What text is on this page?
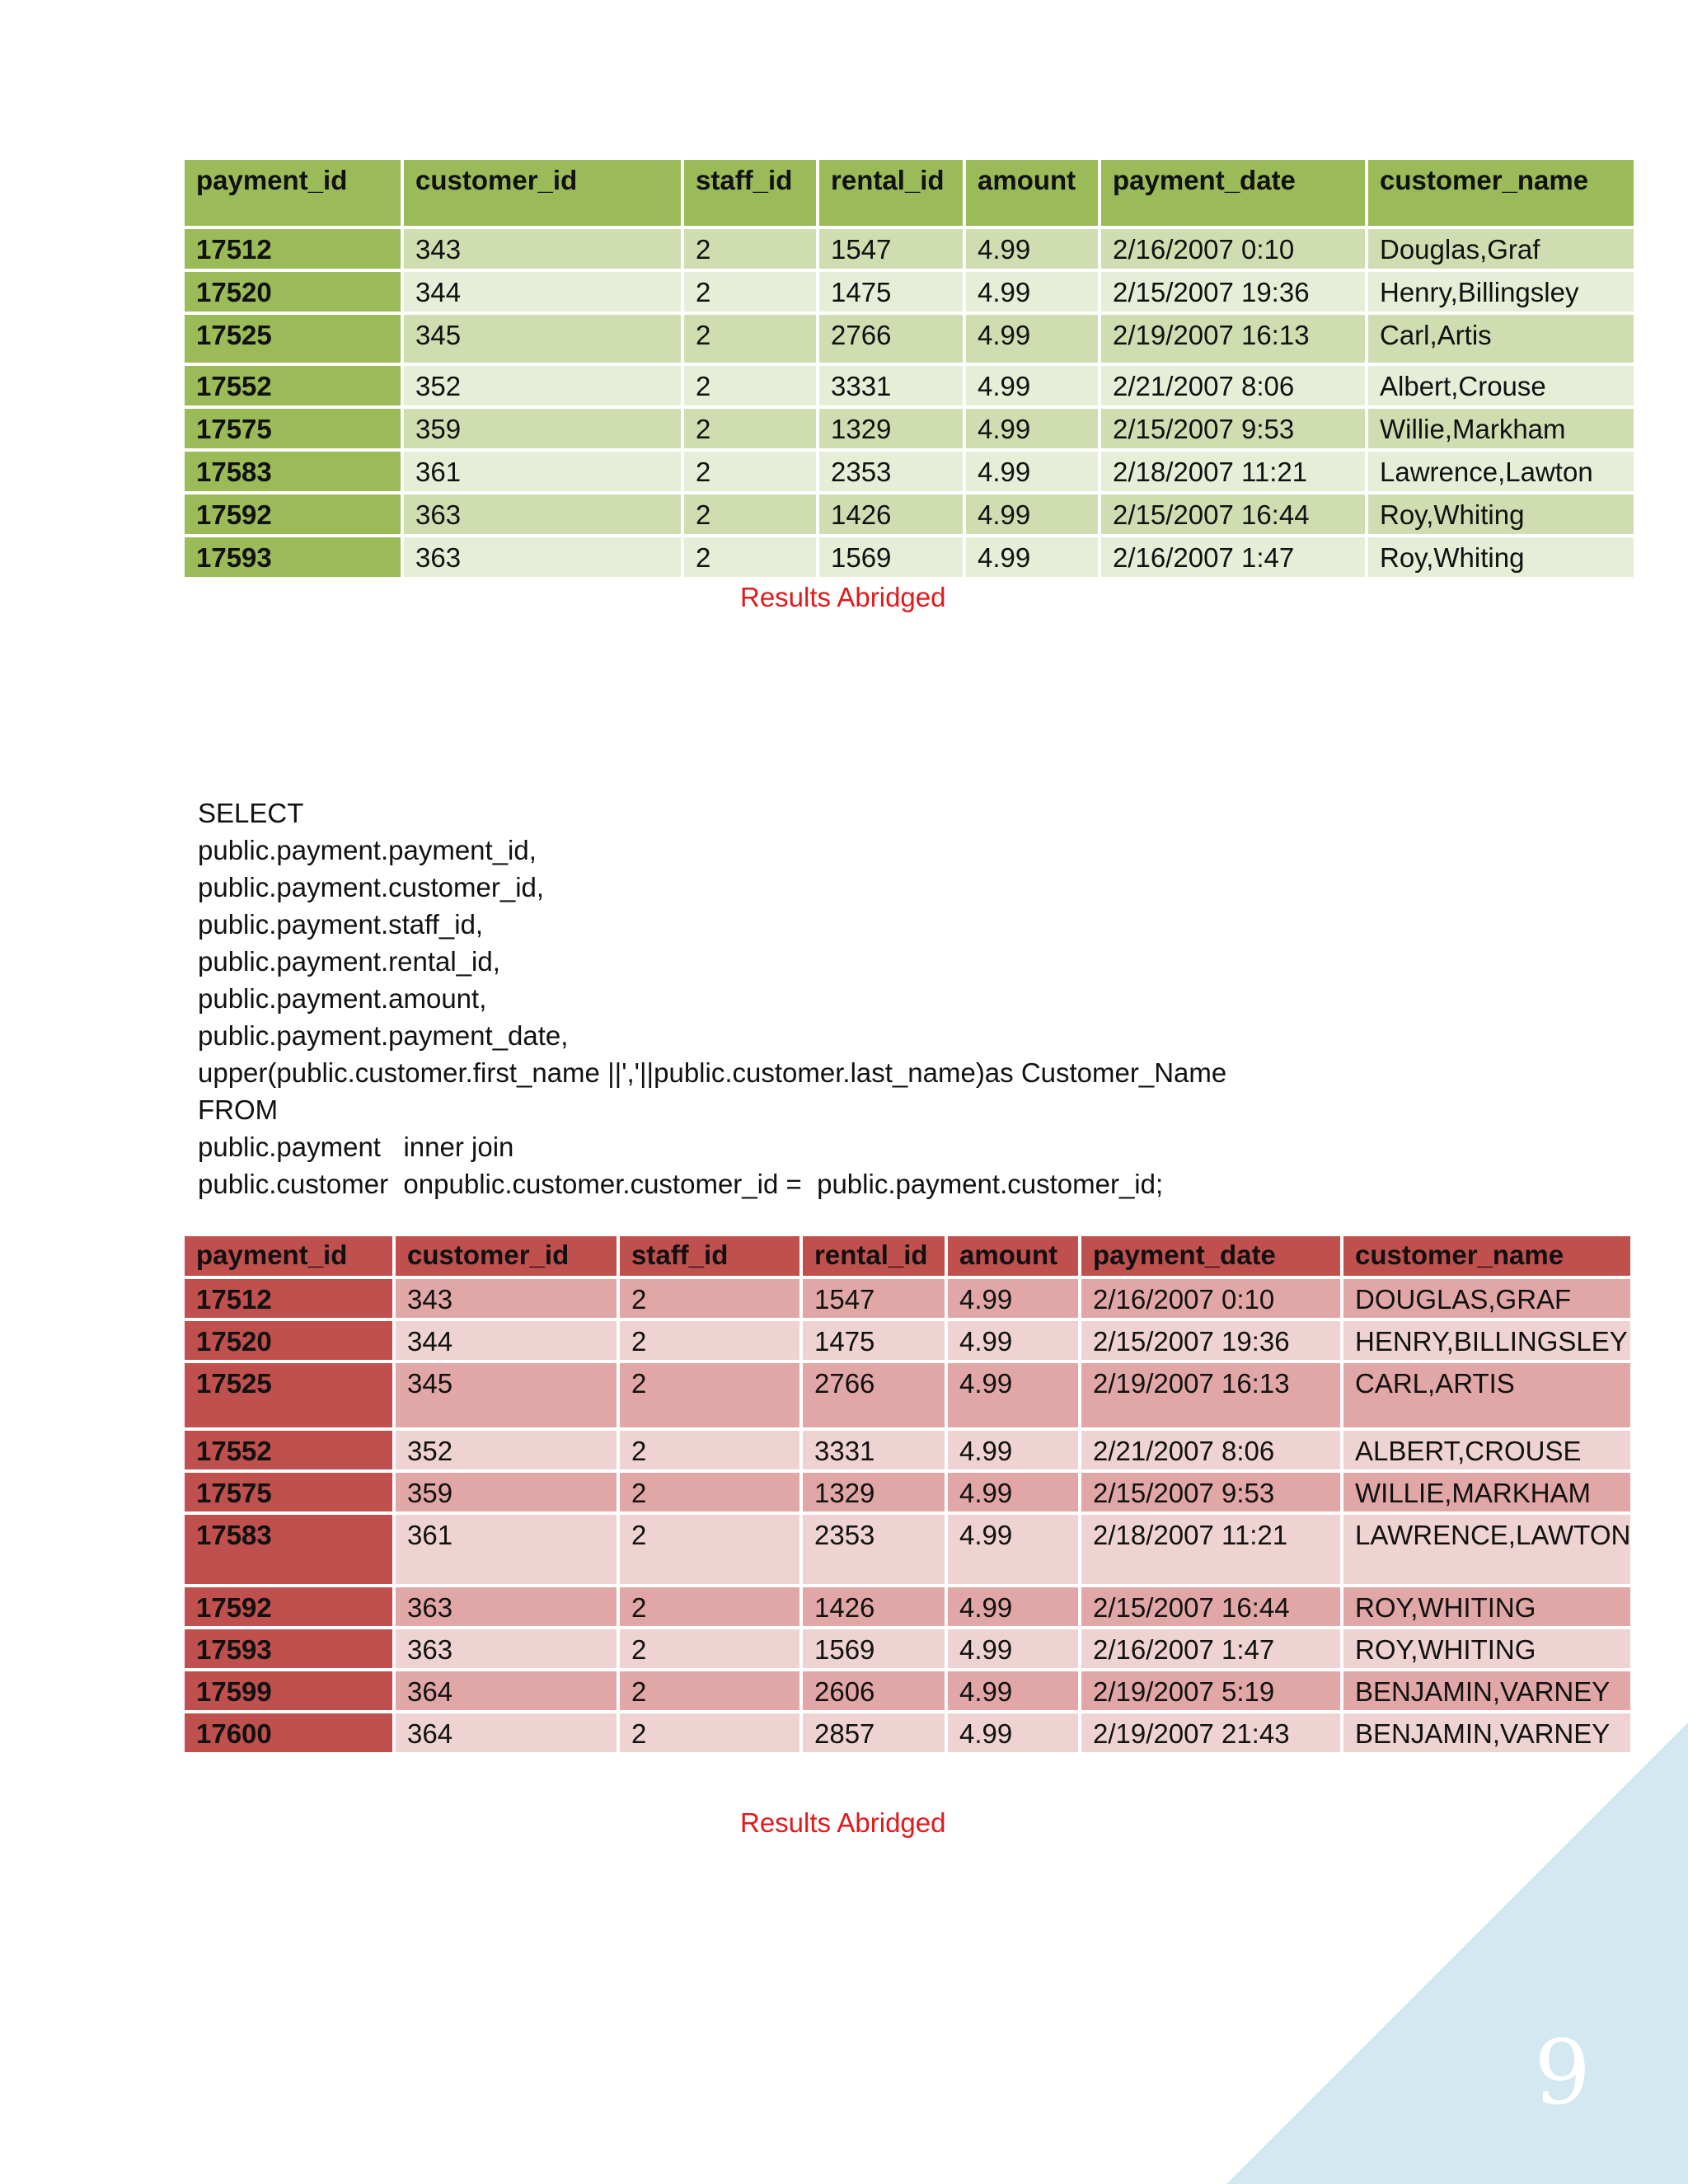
payment_id	customer_id	staff_id	rental_id	amount	payment_date	customer_name
17512	343	2	1547	4.99	2/16/2007 0:10	Douglas,Graf
17520	344	2	1475	4.99	2/15/2007 19:36	Henry,Billingsley
17525	345	2	2766	4.99	2/19/2007 16:13	Carl,Artis
17552	352	2	3331	4.99	2/21/2007 8:06	Albert,Crouse
17575	359	2	1329	4.99	2/15/2007 9:53	Willie,Markham
17583	361	2	2353	4.99	2/18/2007 11:21	Lawrence,Lawton
17592	363	2	1426	4.99	2/15/2007 16:44	Roy,Whiting
17593	363	2	1569	4.99	2/16/2007 1:47	Roy,Whiting
Results Abridged
SELECT
public.payment.payment_id,
public.payment.customer_id,
public.payment.staff_id,
public.payment.rental_id,
public.payment.amount,
public.payment.payment_date,
upper(public.customer.first_name ||','||public.customer.last_name)as Customer_Name
FROM
public.payment   inner join
public.customer  onpublic.customer.customer_id =  public.payment.customer_id;
payment_id	customer_id	staff_id	rental_id	amount	payment_date	customer_name
17512	343	2	1547	4.99	2/16/2007 0:10	DOUGLAS,GRAF
17520	344	2	1475	4.99	2/15/2007 19:36	HENRY,BILLINGSLEY
17525	345	2	2766	4.99	2/19/2007 16:13	CARL,ARTIS
17552	352	2	3331	4.99	2/21/2007 8:06	ALBERT,CROUSE
17575	359	2	1329	4.99	2/15/2007 9:53	WILLIE,MARKHAM
17583	361	2	2353	4.99	2/18/2007 11:21	LAWRENCE,LAWTON
17592	363	2	1426	4.99	2/15/2007 16:44	ROY,WHITING
17593	363	2	1569	4.99	2/16/2007 1:47	ROY,WHITING
17599	364	2	2606	4.99	2/19/2007 5:19	BENJAMIN,VARNEY
17600	364	2	2857	4.99	2/19/2007 21:43	BENJAMIN,VARNEY
Results Abridged
9
